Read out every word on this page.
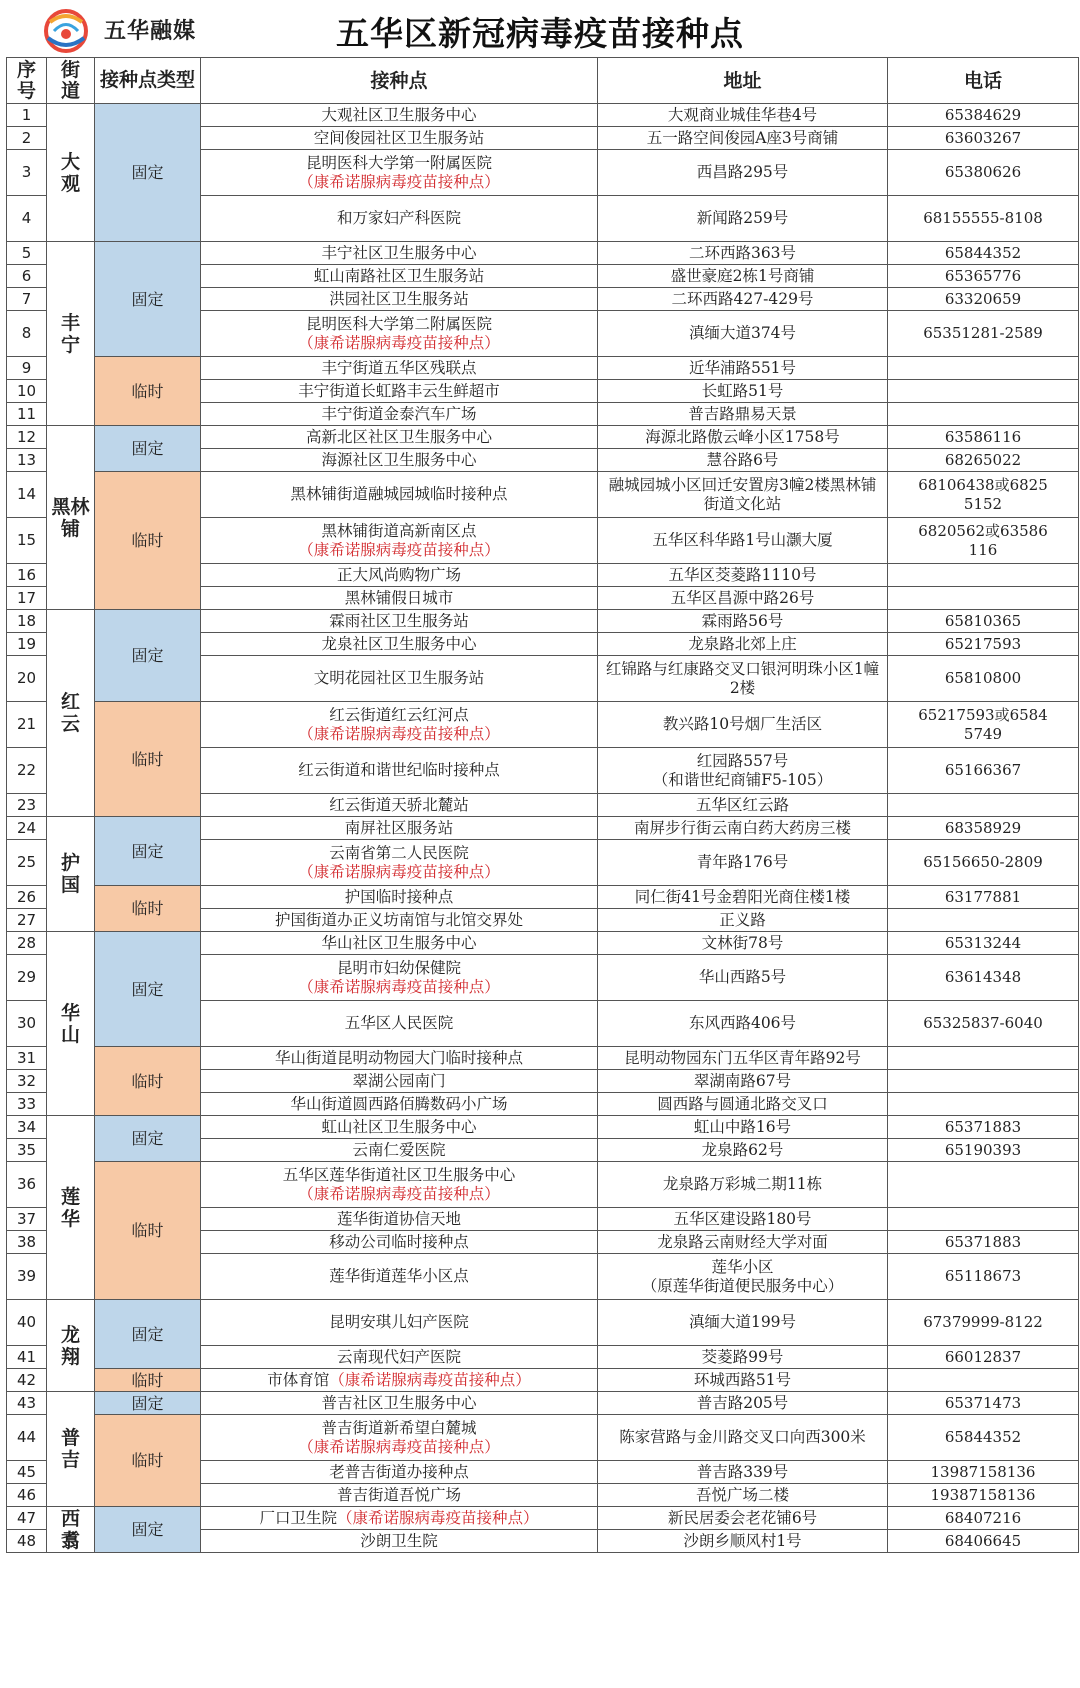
五华融媒	五华区新冠病毒疫苗接种点
序号	街道	接种点类型	接种点	地址	电话
1	大观	固定	大观社区卫生服务中心	大观商业城佳华巷4号	65384629
2			空间俊园社区卫生服务站	五一路空间俊园A座3号商铺	63603267
3			昆明医科大学第一附属医院
（康希诺腺病毒疫苗接种点）	西昌路295号	65380626
4			和万家妇产科医院	新闻路259号	68155555-8108
5	丰宁	固定	丰宁社区卫生服务中心	二环西路363号	65844352
6			虹山南路社区卫生服务站	盛世豪庭2栋1号商铺	65365776
7			洪园社区卫生服务站	二环西路427-429号	63320659
8			昆明医科大学第二附属医院
（康希诺腺病毒疫苗接种点）	滇缅大道374号	65351281-2589
9		临时	丰宁街道五华区残联点	近华浦路551号	

10			丰宁街道长虹路丰云生鲜超市	长虹路51号	

11			丰宁街道金泰汽车广场	普吉路鼎易天景	

12	黑林铺	固定	高新北区社区卫生服务中心	海源北路傲云峰小区1758号	63586116
13			海源社区卫生服务中心	慧谷路6号	68265022
14		临时	黑林铺街道融城园城临时接种点	融城园城小区回迁安置房3幢2楼黑林铺街道文化站	68106438或68255152
15			黑林铺街道高新南区点
（康希诺腺病毒疫苗接种点）	五华区科华路1号山灏大厦	6820562或63586116
16			正大风尚购物广场	五华区茭菱路1110号	

17			黑林铺假日城市	五华区昌源中路26号	

18	红云	固定	霖雨社区卫生服务站	霖雨路56号	65810365
19			龙泉社区卫生服务中心	龙泉路北郊上庄	65217593
20			文明花园社区卫生服务站	红锦路与红康路交叉口银河明珠小区1幢2楼	65810800
21		临时	红云街道红云红河点
（康希诺腺病毒疫苗接种点）	教兴路10号烟厂生活区	65217593或65845749
22			红云街道和谐世纪临时接种点	红园路557号
（和谐世纪商铺F5-105）	65166367
23			红云街道天骄北麓站	五华区红云路	

24	护国	固定	南屏社区服务站	南屏步行街云南白药大药房三楼	68358929
25			云南省第二人民医院
（康希诺腺病毒疫苗接种点）	青年路176号	65156650-2809
26		临时	护国临时接种点	同仁街41号金碧阳光商住楼1楼	63177881
27			护国街道办正义坊南馆与北馆交界处	正义路	

28	华山	固定	华山社区卫生服务中心	文林街78号	65313244
29			昆明市妇幼保健院
（康希诺腺病毒疫苗接种点）	华山西路5号	63614348
30			五华区人民医院	东风西路406号	65325837-6040
31		临时	华山街道昆明动物园大门临时接种点	昆明动物园东门五华区青年路92号	

32			翠湖公园南门	翠湖南路67号	

33			华山街道圆西路佰腾数码小广场	圆西路与圆通北路交叉口	

34	莲华	固定	虹山社区卫生服务中心	虹山中路16号	65371883
35			云南仁爱医院	龙泉路62号	65190393
36		临时	五华区莲华街道社区卫生服务中心
（康希诺腺病毒疫苗接种点）	龙泉路万彩城二期11栋	

37			莲华街道协信天地	五华区建设路180号	

38			移动公司临时接种点	龙泉路云南财经大学对面	65371883
39			莲华街道莲华小区点	莲华小区
（原莲华街道便民服务中心）	65118673
40	龙翔	固定	昆明安琪儿妇产医院	滇缅大道199号	67379999-8122
41			云南现代妇产医院	茭菱路99号	66012837
42		临时	市体育馆（康希诺腺病毒疫苗接种点）	环城西路51号	

43	普吉	固定	普吉社区卫生服务中心	普吉路205号	65371473
44		临时	普吉街道新希望白麓城
（康希诺腺病毒疫苗接种点）	陈家营路与金川路交叉口向西300米	65844352
45			老普吉街道办接种点	普吉路339号	13987158136
46			普吉街道吾悦广场	吾悦广场二楼	19387158136
47	西翥	固定	厂口卫生院（康希诺腺病毒疫苗接种点）	新民居委会老花铺6号	68407216
48			沙朗卫生院	沙朗乡顺风村1号	68406645
